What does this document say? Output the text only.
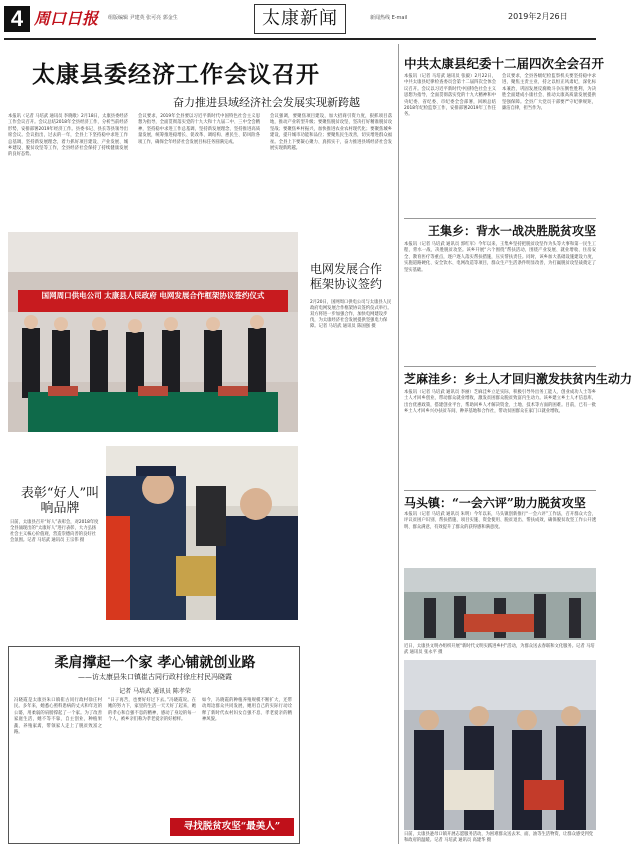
4 周口日报	组版编辑 尹建英 张可亮 郭金生	太康新闻	新闻热线 E-mail	2019年2月26日
太康县委经济工作会议召开
奋力推进县域经济社会发展实现新跨越
本报讯（记者 马培武 通讯员 李晓歌）2月18日，太康县委经济工作会议召开。会议总结2018年全县经济工作，分析当前经济形势，安排部署2019年经济工作。县委书记、县长等县领导出席会议。会议指出，过去的一年，全县上下坚持稳中求进工作总基调，坚持新发展理念，着力抓好项目建设、产业发展、城乡建设、脱贫攻坚等工作，全县经济社会保持了持续健康发展的良好态势。
会议要求，2019年全县要以习近平新时代中国特色社会主义思想为指导，全面贯彻落实党的十九大和十九届二中、三中全会精神，坚持稳中求进工作总基调，坚持新发展理念，坚持推进高质量发展，统筹推进稳增长、促改革、调结构、惠民生、防风险各项工作，确保全年经济社会发展目标任务圆满完成。
会议强调，要聚焦项目建设，加大招商引资力度，狠抓项目落地，推动产业转型升级；要聚焦脱贫攻坚，坚决打好精准脱贫攻坚战；要聚焦乡村振兴，加快推进农业农村现代化；要聚焦城乡建设，提升城市功能和品位；要聚焦民生改善，切实增进群众福祉。全县上下要凝心聚力、真抓实干，奋力推进县域经济社会发展实现新跨越。
中共太康县纪委十二届四次全会召开
本报讯（记者 马培武 通讯员 张毅）2月22日，中共太康县纪律检查委员会第十二届四次全体会议召开。会议以习近平新时代中国特色社会主义思想为指导，全面贯彻落实党的十九大精神和中央纪委、省纪委、市纪委全会部署，回顾总结2018年纪检监察工作，安排部署2019年工作任务。
会议要求，全县各级纪检监察机关要坚持稳中求进，聚焦主责主业，持之以恒正风肃纪，深化标本兼治，巩固发展反腐败斗争压倒性胜利，为决胜全面建成小康社会、推动太康高质量发展提供坚强保障。全县广大党员干部要严守纪律规矩，廉洁自律，担当作为。
国网周口供电公司 太康县人民政府 电网发展合作框架协议签约仪式
电网发展合作框架协议签约
2月20日，国网周口供电公司与太康县人民政府电网发展合作框架协议签约仪式举行。双方将进一步加强合作，加快电网建设步伐，为太康经济社会发展提供坚强电力保障。记者 马培武 通讯员 陈国强 摄
日前，太康县召开“好人”表彰会，对2018年度全县涌现出的“太康好人”进行表彰，大力弘扬社会主义核心价值观，营造崇德向善的良好社会氛围。记者 马培武 通讯员 王宗伟 摄
表彰“好人”叫响品牌
王集乡：背水一战决胜脱贫攻坚
本报讯（记者 马培武 通讯员 郭红军）今年以来，王集乡坚持把脱贫攻坚作为头等大事和第一民生工程，背水一战、决胜脱贫攻坚。该乡开展“六个围绕”帮扶活动，围绕产业发展、就业增收、住房安全、教育医疗等重点，逐户逐人落实帮扶措施，压实帮扶责任。同时，该乡加大基础设施建设力度，实施道路硬化、安全饮水、电网改造等项目，群众生产生活条件明显改善，为打赢脱贫攻坚战奠定了坚实基础。
芝麻洼乡：乡土人才回归激发扶贫内生动力
本报讯（记者 马培武 通讯员 李丽）芝麻洼乡立足实际，积极引导外出务工能人、创业成功人士等乡土人才回乡创业，带动群众就业增收，激发贫困群众脱贫致富内生动力。该乡建立乡土人才信息库，出台优惠政策，搭建创业平台，帮助回乡人才解决资金、土地、技术等方面的困难。目前，已有一批乡土人才回乡兴办扶贫车间、种养基地和合作社，带动贫困群众在家门口就业增收。
马头镇：“一会六评”助力脱贫攻坚
本报讯（记者 马培武 通讯员 朱明）今年以来，马头镇创新推行“一会六评”工作法，召开群众大会，评议贫困户识别、帮扶措施、项目实施、资金使用、脱贫退出、帮扶成效，确保脱贫攻坚工作公开透明、群众满意，有效提升了群众的获得感和满意度。
近日，太康县文明办组织开展“新时代文明实践进乡村”活动，为群众送去春联和文化服务。记者 马培武 通讯员 张永平 摄
日前，太康县逊母口镇开展志愿服务活动，为困难群众送去米、面、油等生活物资，让群众感受到党和政府的温暖。记者 马培武 通讯员 高建华 摄
柔肩撑起一个家 孝心铺就创业路
——访太康县朱口镇崔古同行政村徐庄村民冯晓霞
记者 马培武 通讯员 陈孝荣
冯晓霞是太康县朱口镇崔古同行政村徐庄村民。多年来，她悉心照料患病的丈夫和年迈的公婆，用柔弱的肩膀撑起了一个家。为了改善家庭生活，她不等不靠，自主创业，种植果蔬、养殖家禽，带领家人走上了脱贫致富之路。
“日子再苦，也要好好过下去。”冯晓霞说。在她的努力下，家里的生活一天天好了起来，她的孝心和自强不息的精神，感动了身边的每一个人，被乡亲们称为孝老爱亲的好榜样。
如今，冯晓霞的种植养殖规模不断扩大，还带动周边群众共同发展，她用自己的实际行动诠释了新时代农村妇女自强不息、孝老爱亲的精神风貌。
寻找脱贫攻坚“最美人”
